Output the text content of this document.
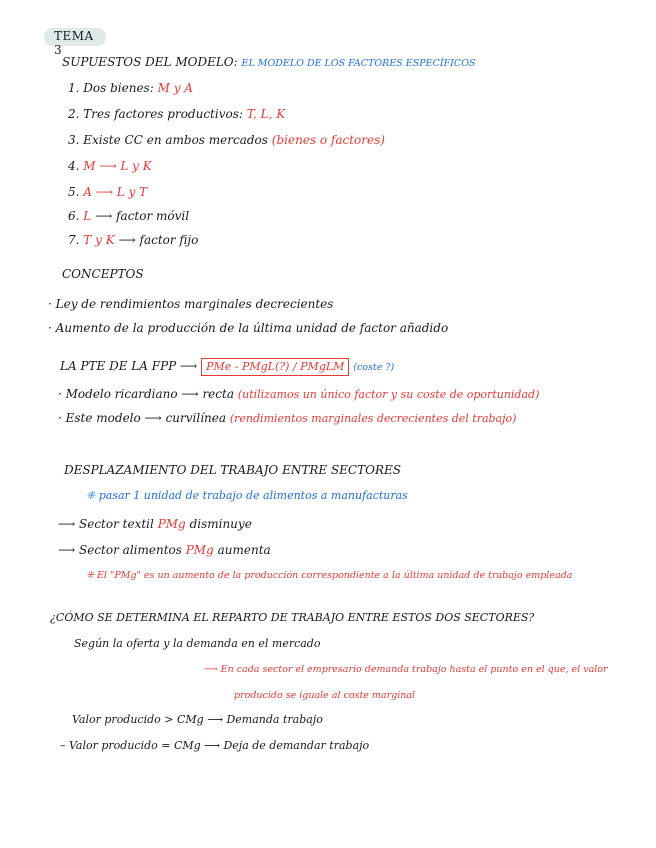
TEMA 3
SUPUESTOS DEL MODELO: EL MODELO DE LOS FACTORES ESPECÍFICOS
1. Dos bienes: M y A
2. Tres factores productivos: T, L, K
3. Existe CC en ambos mercados (bienes o factores)
4. M ⟶ L y K
5. A ⟶ L y T
6. L ⟶ factor móvil
7. T y K ⟶ factor fijo
CONCEPTOS
· Ley de rendimientos marginales decrecientes
· Aumento de la producción de la última unidad de factor añadido
LA PTE DE LA FPP ⟶ PMe - PMgL(?) / PMgLM (coste ?)
· Modelo ricardiano ⟶ recta (utilizamos un único factor y su coste de oportunidad)
· Este modelo ⟶ curvilínea (rendimientos marginales decrecientes del trabajo)
DESPLAZAMIENTO DEL TRABAJO ENTRE SECTORES
⁜ pasar 1 unidad de trabajo de alimentos a manufacturas
⟶ Sector textil PMg disminuye
⟶ Sector alimentos PMg aumenta
⁜ El "PMg" es un aumento de la producción correspondiente a la última unidad de trabajo empleada
¿CÓMO SE DETERMINA EL REPARTO DE TRABAJO ENTRE ESTOS DOS SECTORES?
Según la oferta y la demanda en el mercado
⟶ En cada sector el empresario demanda trabajo hasta el punto en el que, el valor
producido se iguale al coste marginal
Valor producido > CMg ⟶ Demanda trabajo
– Valor producido = CMg ⟶ Deja de demandar trabajo
